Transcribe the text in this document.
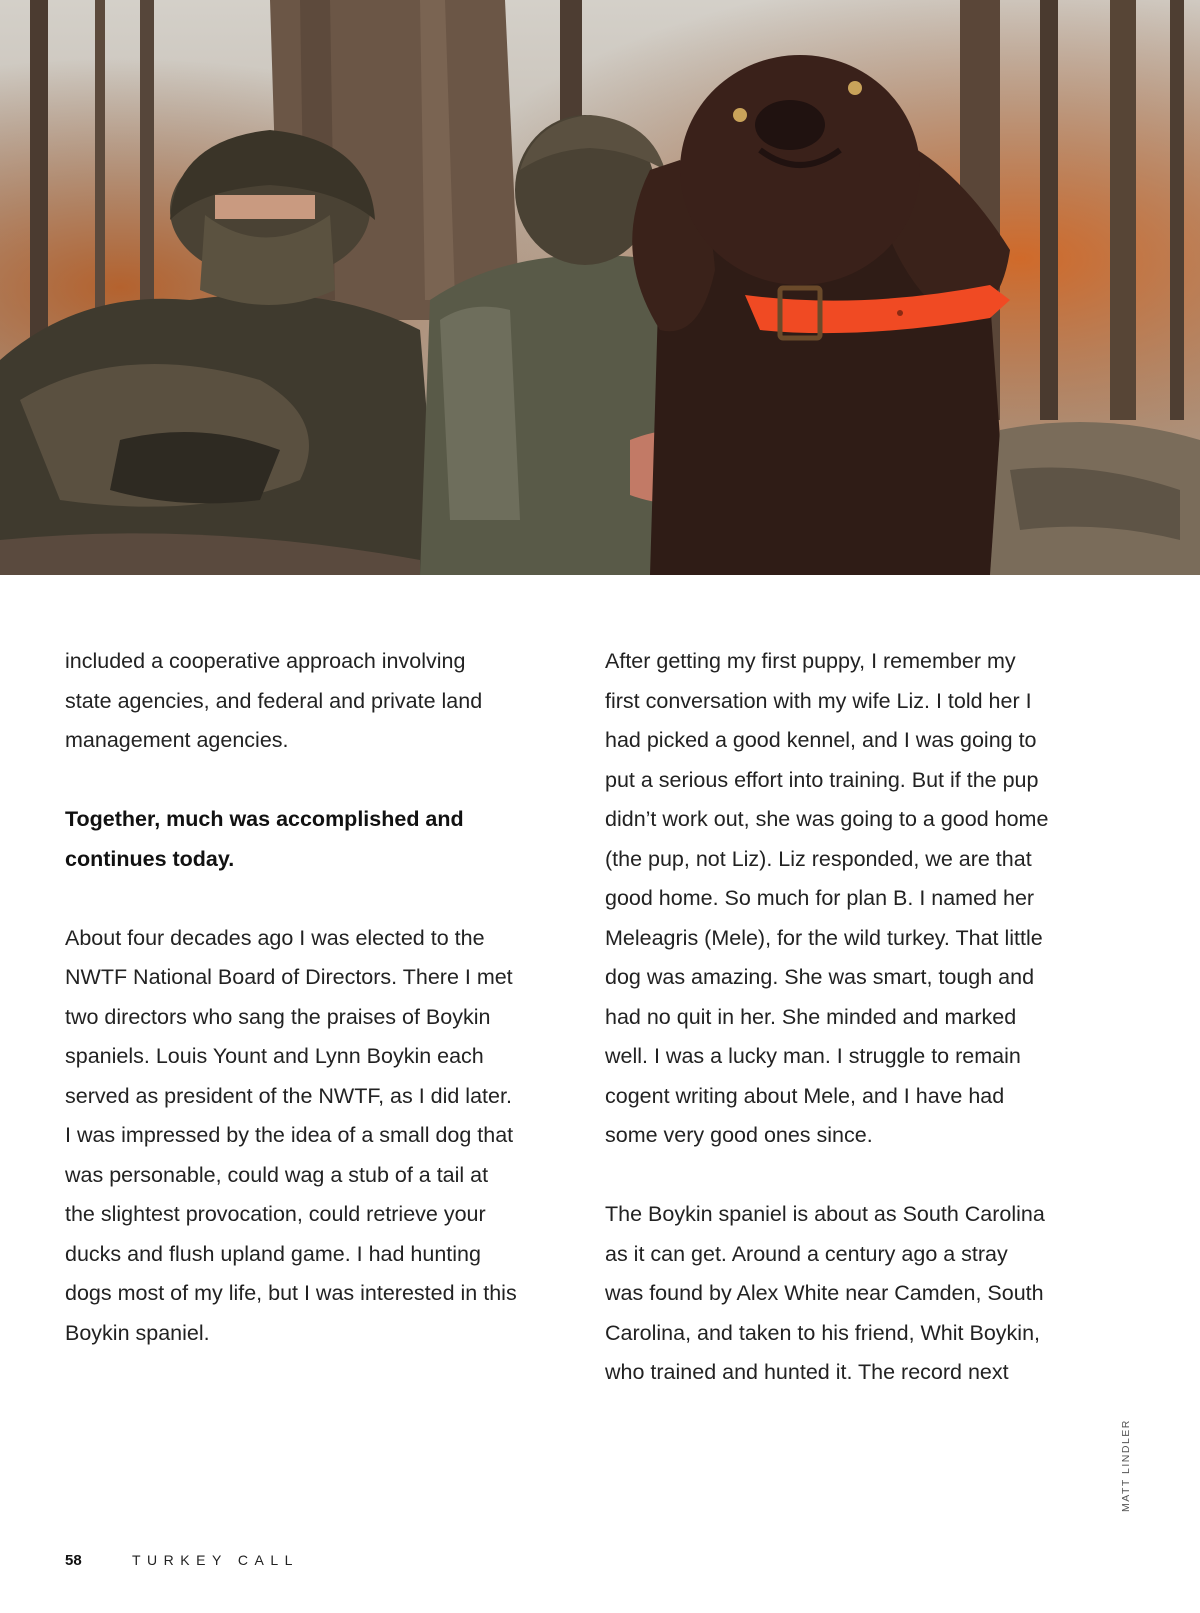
included a cooperative approach involving
state agencies, and federal and private land
management agencies.

Together, much was accomplished and
continues today.

About four decades ago I was elected to the
NWTF National Board of Directors. There I met
two directors who sang the praises of Boykin
spaniels. Louis Yount and Lynn Boykin each
served as president of the NWTF, as I did later.
I was impressed by the idea of a small dog that
was personable, could wag a stub of a tail at
the slightest provocation, could retrieve your
ducks and flush upland game. I had hunting
dogs most of my life, but I was interested in this
Boykin spaniel.

After getting my first puppy, I remember my
first conversation with my wife Liz. I told her I
had picked a good kennel, and I was going to
put a serious effort into training. But if the pup
didn’t work out, she was going to a good home
(the pup, not Liz). Liz responded, we are that
good home. So much for plan B. I named her
Meleagris (Mele), for the wild turkey. That little
dog was amazing. She was smart, tough and
had no quit in her. She minded and marked
well. I was a lucky man. I struggle to remain
cogent writing about Mele, and I have had
some very good ones since.

The Boykin spaniel is about as South Carolina
as it can get. Around a century ago a stray
was found by Alex White near Camden, South
Carolina, and taken to his friend, Whit Boykin,
who trained and hunted it. The record next

MATT LINDLER
58	TURKEY CALL
